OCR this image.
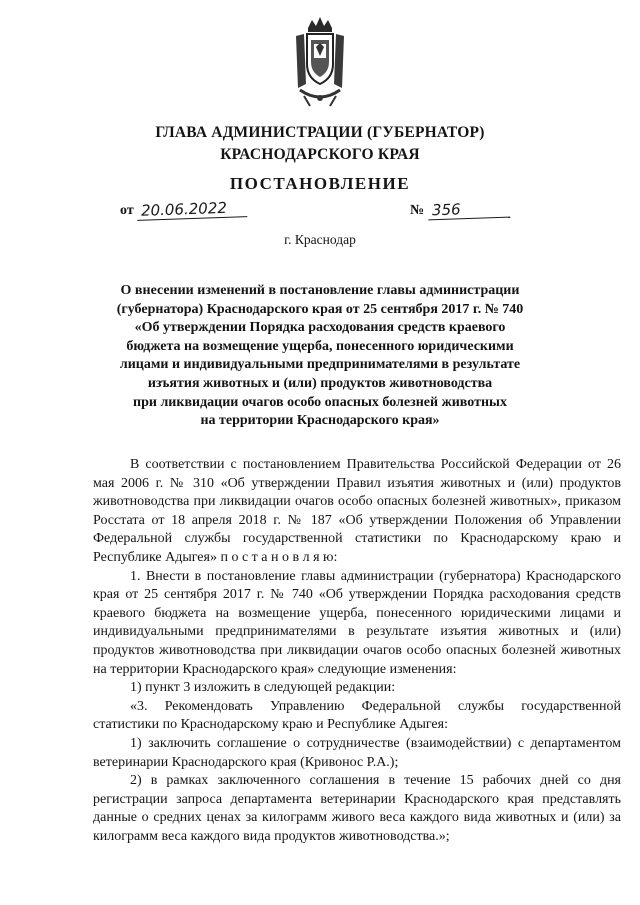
ГЛАВА АДМИНИСТРАЦИИ (ГУБЕРНАТОР)
КРАСНОДАРСКОГО КРАЯ
ПОСТАНОВЛЕНИЕ
от 20.06.2022	№ 356
г. Краснодар
О внесении изменений в постановление главы администрации
(губернатора) Краснодарского края от 25 сентября 2017 г. № 740
«Об утверждении Порядка расходования средств краевого
бюджета на возмещение ущерба, понесенного юридическими
лицами и индивидуальными предпринимателями в результате
изъятия животных и (или) продуктов животноводства
при ликвидации очагов особо опасных болезней животных
на территории Краснодарского края»

В соответствии с постановлением Правительства Российской Федерации от 26 мая 2006 г. № 310 «Об утверждении Правил изъятия животных и (или) продуктов животноводства при ликвидации очагов особо опасных болезней животных», приказом Росстата от 18 апреля 2018 г. № 187 «Об утверждении Положения об Управлении Федеральной службы государственной статистики по Краснодарскому краю и Республике Адыгея» п о с т а н о в л я ю:

1. Внести в постановление главы администрации (губернатора) Краснодарского края от 25 сентября 2017 г. № 740 «Об утверждении Порядка расходования средств краевого бюджета на возмещение ущерба, понесенного юридическими лицами и индивидуальными предпринимателями в результате изъятия животных и (или) продуктов животноводства при ликвидации очагов особо опасных болезней животных на территории Краснодарского края» следующие изменения:

1) пункт 3 изложить в следующей редакции:

«3. Рекомендовать Управлению Федеральной службы государственной статистики по Краснодарскому краю и Республике Адыгея:

1) заключить соглашение о сотрудничестве (взаимодействии) с департаментом ветеринарии Краснодарского края (Кривонос Р.А.);

2) в рамках заключенного соглашения в течение 15 рабочих дней со дня регистрации запроса департамента ветеринарии Краснодарского края представлять данные о средних ценах за килограмм живого веса каждого вида животных и (или) за килограмм веса каждого вида продуктов животноводства.»;
